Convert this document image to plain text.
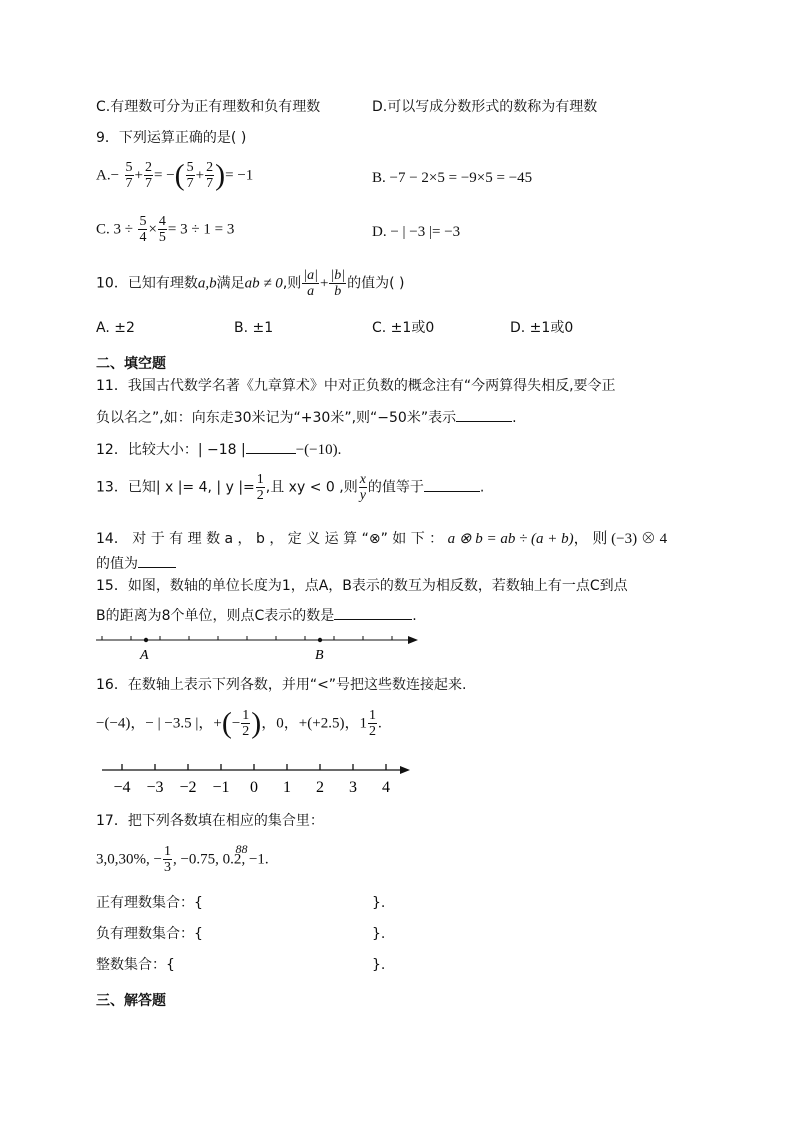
C.有理数可分为正有理数和负有理数	D.可以写成分数形式的数称为有理数
9．下列运算正确的是( )
$A.- \frac{5}{7} + \frac{2}{7}$ = −( $\frac{5}{7} + \frac{2}{7}$ )= −1	B. −7 − 2×5 = −9×5 = −45
C. $3 \div \frac{5}{4} \times \frac{4}{5} = 3 \div 1 = 3$	D. − | −3 |= −3
10．已知有理数a,b满足ab ≠ 0,则 $\frac{|a|}{a} + \frac{|b|}{b}$ 的值为( )
A. ±2	B. ±1	C. ±1或0	D. ±1或0
二、填空题
11．我国古代数学名著《九章算术》中对正负数的概念注有“今两算得失相反,要令正
负以名之”,如：向东走30米记为“+30米”,则“−50米”表示	.
12．比较大小：| −18 |	−(−10).
13．已知| x |= 4, | y |= $\frac{1}{2}$ ,且 xy < 0 ,则 $\frac{x}{y}$ 的值等于	.
14． 对 于 有 理 数 a ， b ， 定 义 运 算 “⊗” 如 下 ： a ⊗ b = ab ÷ (a + b)， 则 (−3) ⊗ 4
的值为
15．如图，数轴的单位长度为1，点A，B表示的数互为相反数，若数轴上有一点C到点
B的距离为8个单位，则点C表示的数是	.
A	B
16．在数轴上表示下列各数，并用“<”号把这些数连接起来.
−(−4)，− | −3.5 |，+(− $\frac{1}{2}$ )，0，+(+2.5)，$1 \frac{1}{2}$ .
−4 −3 −2 −1 0 1 2 3 4
17．把下列各数填在相应的集合里：
3,0,30%, − $\frac{1}{3}$ , −0.75, 0.2
88
, −1.
正有理数集合：{	}.
负有理数集合：{	}.
整数集合：{	}.
三、解答题
